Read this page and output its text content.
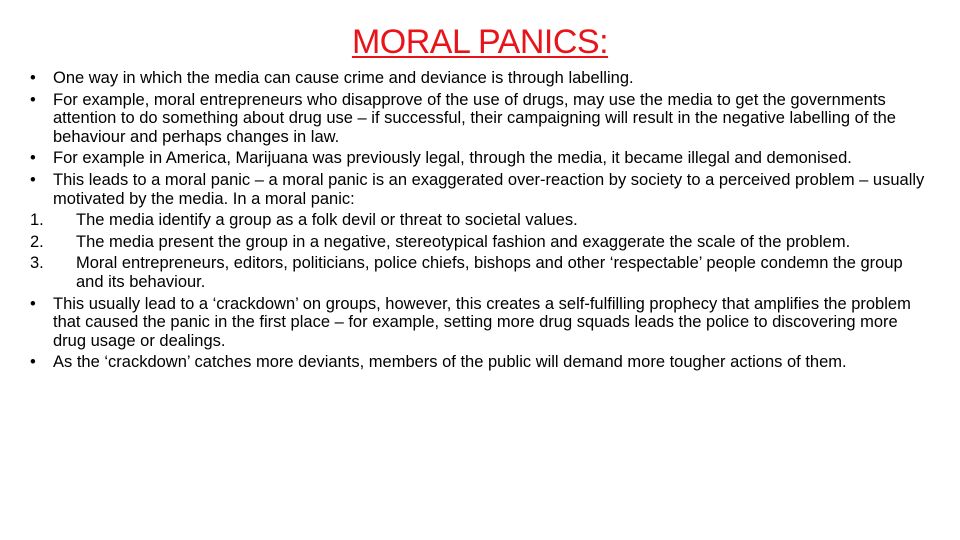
MORAL PANICS:
•	One way in which the media can cause crime and deviance is through labelling.
•	For example, moral entrepreneurs who disapprove of the use of drugs, may use the media to get the governments attention to do something about drug use – if successful, their campaigning will result in the negative labelling of the behaviour and perhaps changes in law.
•	For example in America, Marijuana was previously legal, through the media, it became illegal and demonised.
•	This leads to a moral panic – a moral panic is an exaggerated over-reaction by society to a perceived problem – usually motivated by the media. In a moral panic:
1.	The media identify a group as a folk devil or threat to societal values.
2.	The media present the group in a negative, stereotypical fashion and exaggerate the scale of the problem.
3.	Moral entrepreneurs, editors, politicians, police chiefs, bishops and other ‘respectable’ people condemn the group and its behaviour.
•	This usually lead to a ‘crackdown’ on groups, however, this creates a self-fulfilling prophecy that amplifies the problem that caused the panic in the first place – for example, setting more drug squads leads the police to discovering more drug usage or dealings.
•	As the ‘crackdown’ catches more deviants, members of the public will demand more tougher actions of them.
